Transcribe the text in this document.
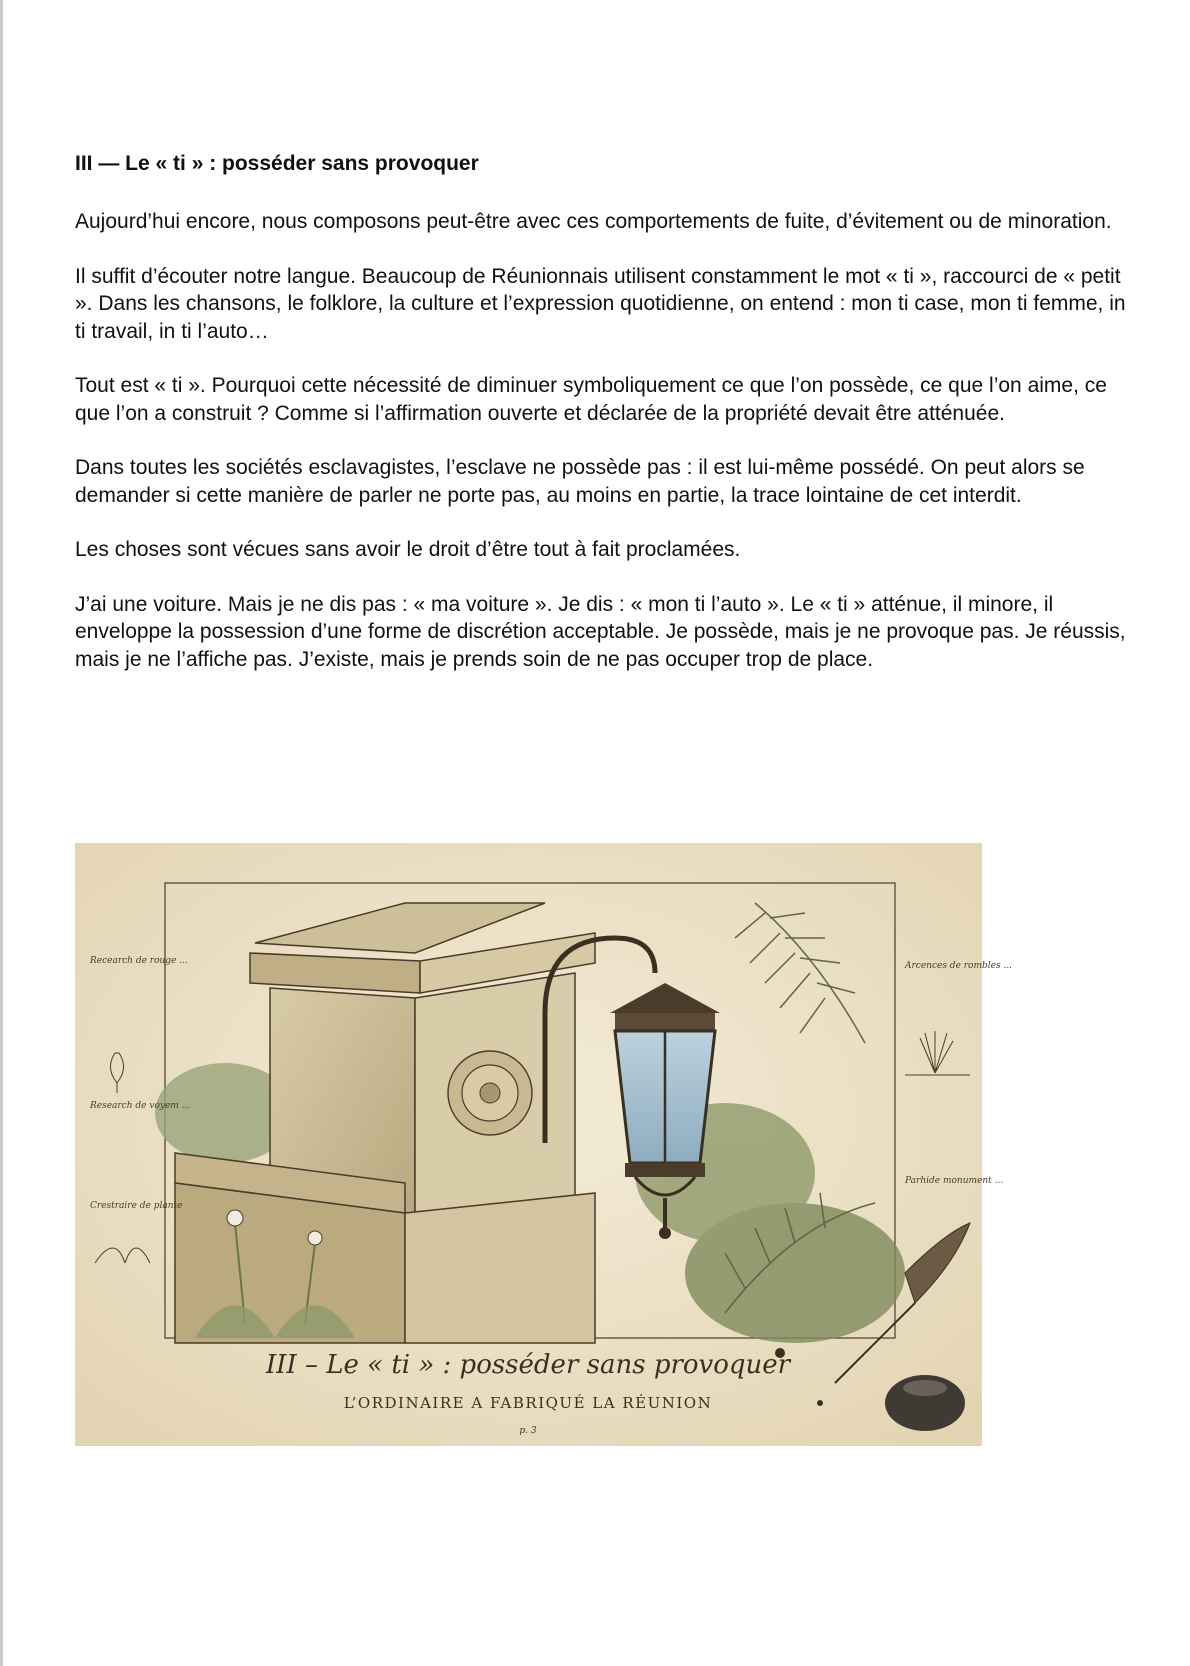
III — Le « ti » : posséder sans provoquer

Aujourd’hui encore, nous composons peut-être avec ces comportements de fuite, d’évitement ou de minoration.

Il suffit d’écouter notre langue. Beaucoup de Réunionnais utilisent constamment le mot « ti », raccourci de « petit ». Dans les chansons, le folklore, la culture et l’expression quotidienne, on entend : mon ti case, mon ti femme, in ti travail, in ti l’auto…

Tout est « ti ». Pourquoi cette nécessité de diminuer symboliquement ce que l’on possède, ce que l’on aime, ce que l’on a construit ? Comme si l’affirmation ouverte et déclarée de la propriété devait être atténuée.

Dans toutes les sociétés esclavagistes, l’esclave ne possède pas : il est lui-même possédé. On peut alors se demander si cette manière de parler ne porte pas, au moins en partie, la trace lointaine de cet interdit.

Les choses sont vécues sans avoir le droit d’être tout à fait proclamées.

J’ai une voiture. Mais je ne dis pas : « ma voiture ». Je dis : « mon ti l’auto ». Le « ti » atténue, il minore, il enveloppe la possession d’une forme de discrétion acceptable. Je possède, mais je ne provoque pas. Je réussis, mais je ne l’affiche pas. J’existe, mais je prends soin de ne pas occuper trop de place.

Recearch de rouge ...
Research de voyem ...
Crestraire de plante
Arcences de rombles ...
Parhide monument ...
III – Le « ti » : posséder sans provoquer
L’ORDINAIRE A FABRIQUÉ LA RÉUNION
p. 3
